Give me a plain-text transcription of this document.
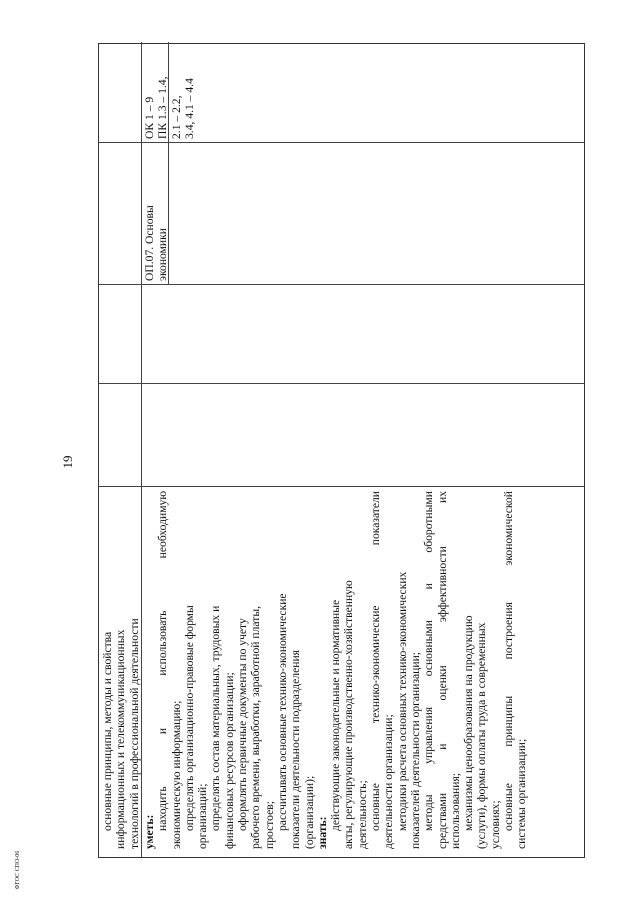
19
ФГОС СПО-06

основные принципы, методы и свойства информационных и телекоммуникационных технологий в профессиональной деятельности уметь:

находить и использовать необходимую

экономическую информацию; определять организационно-правовые формы организаций; определять состав материальных, трудовых и финансовых ресурсов организации; оформлять первичные документы по учету рабочего времени, выработки, заработной платы, простоев; рассчитывать основные технико-экономические показатели деятельности подразделения (организации); знать:

действующие законодательные и нормативные акты, регулирующие производственно-хозяйственную деятельность; основные технико-экономические показатели

деятельности организации; методики расчета основных технико-экономических показателей деятельности организации; методы управления основными и оборотными

средствами и оценки эффективности их

использования; механизмы ценообразования на продукцию (услуги), формы оплаты труда в современных условиях; основные принципы построения экономической

системы организации;

ОП.07. Основы экономики

ОК 1 – 9 ПК 1.3 – 1.4, 2.1 – 2.2, 3.4, 4.1 – 4.4
